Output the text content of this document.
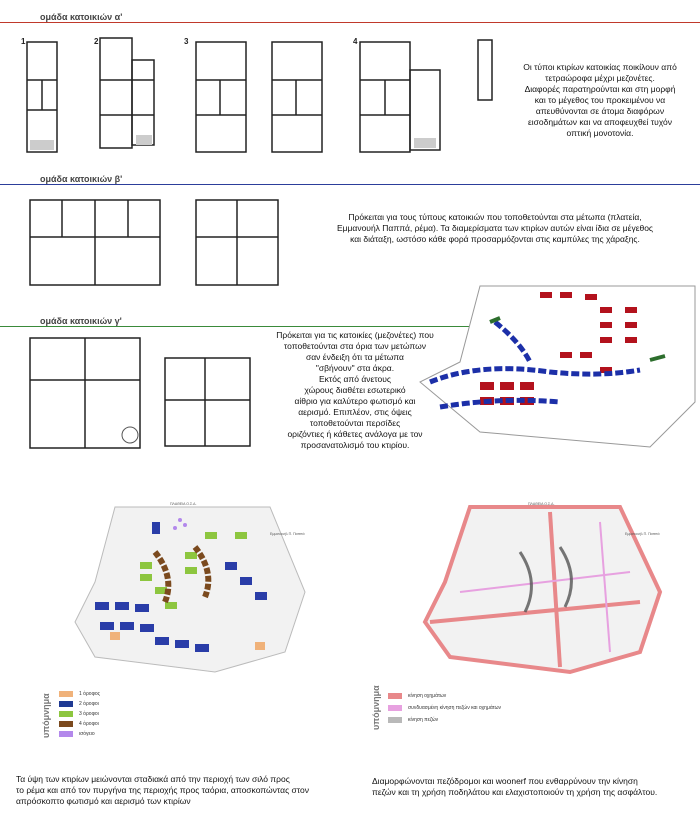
ομάδα κατοικιών α'
1	2	3	4
Οι τύποι κτιρίων κατοικίας ποικίλουν από
τετραώροφα μέχρι μεζονέτες.
Διαφορές παρατηρούνται και στη μορφή
και το μέγεθος του προκειμένου να
απευθύνονται σε άτομα διαφόρων
εισοδημάτων και να αποφευχθεί τυχόν
οπτική μονοτονία.
ομάδα κατοικιών β'
Πρόκειται για τους τύπους κατοικιών που τοποθετούνται στα μέτωπα (πλατεία,
Εμμανουήλ Παππά, ρέμα). Τα διαμερίσματα των κτιρίων αυτών είναι ίδια σε μέγεθος
και διάταξη, ωστόσο κάθε φορά προσαρμόζονται στις καμπύλες της χάραξης.
ομάδα κατοικιών γ'
Πρόκειται για τις κατοικίες (μεζονέτες) που
τοποθετούνται στα όρια των μετώπων
σαν ένδειξη ότι τα μέτωπα
"σβήνουν" στα άκρα.
Εκτός από άνετους
χώρους διαθέτει εσωτερικό
αίθριο για καλύτερο φωτισμό και
αερισμό. Επιπλέον, στις όψεις
τοποθετούνται περσίδες
οριζόντιες ή κάθετες ανάλογα με τον
προσανατολισμό του κτιρίου.
ΠΛΑΘΕΙΑ Ο.Σ.Δ.
Εμμανουήλ Π. Παππά
ΠΛΑΘΕΙΑ Ο.Σ.Δ.
Εμμανουήλ Π. Παππά
υπόμνημα	1 όροφος
2 όροφοι
3 όροφοι
4 όροφοι
ισόγειο
υπόμνημα	κίνηση οχημάτων
συνδυασμένη κίνηση πεζών και οχημάτων
κίνηση πεζών
Τα ύψη των κτιρίων μειώνονται σταδιακά από την περιοχή των σιλό προς
το ρέμα και από τον πυργήνα της περιοχής προς ταόρια, αποσκοπώντας στον
απρόσκοπτο φωτισμό και αερισμό των κτιρίων
Διαμορφώνονται πεζόδρομοι και woonerf που ενθαρρύνουν την κίνηση
πεζών και τη χρήση ποδηλάτου και ελαχιστοποιούν τη χρήση της ασφάλτου.
